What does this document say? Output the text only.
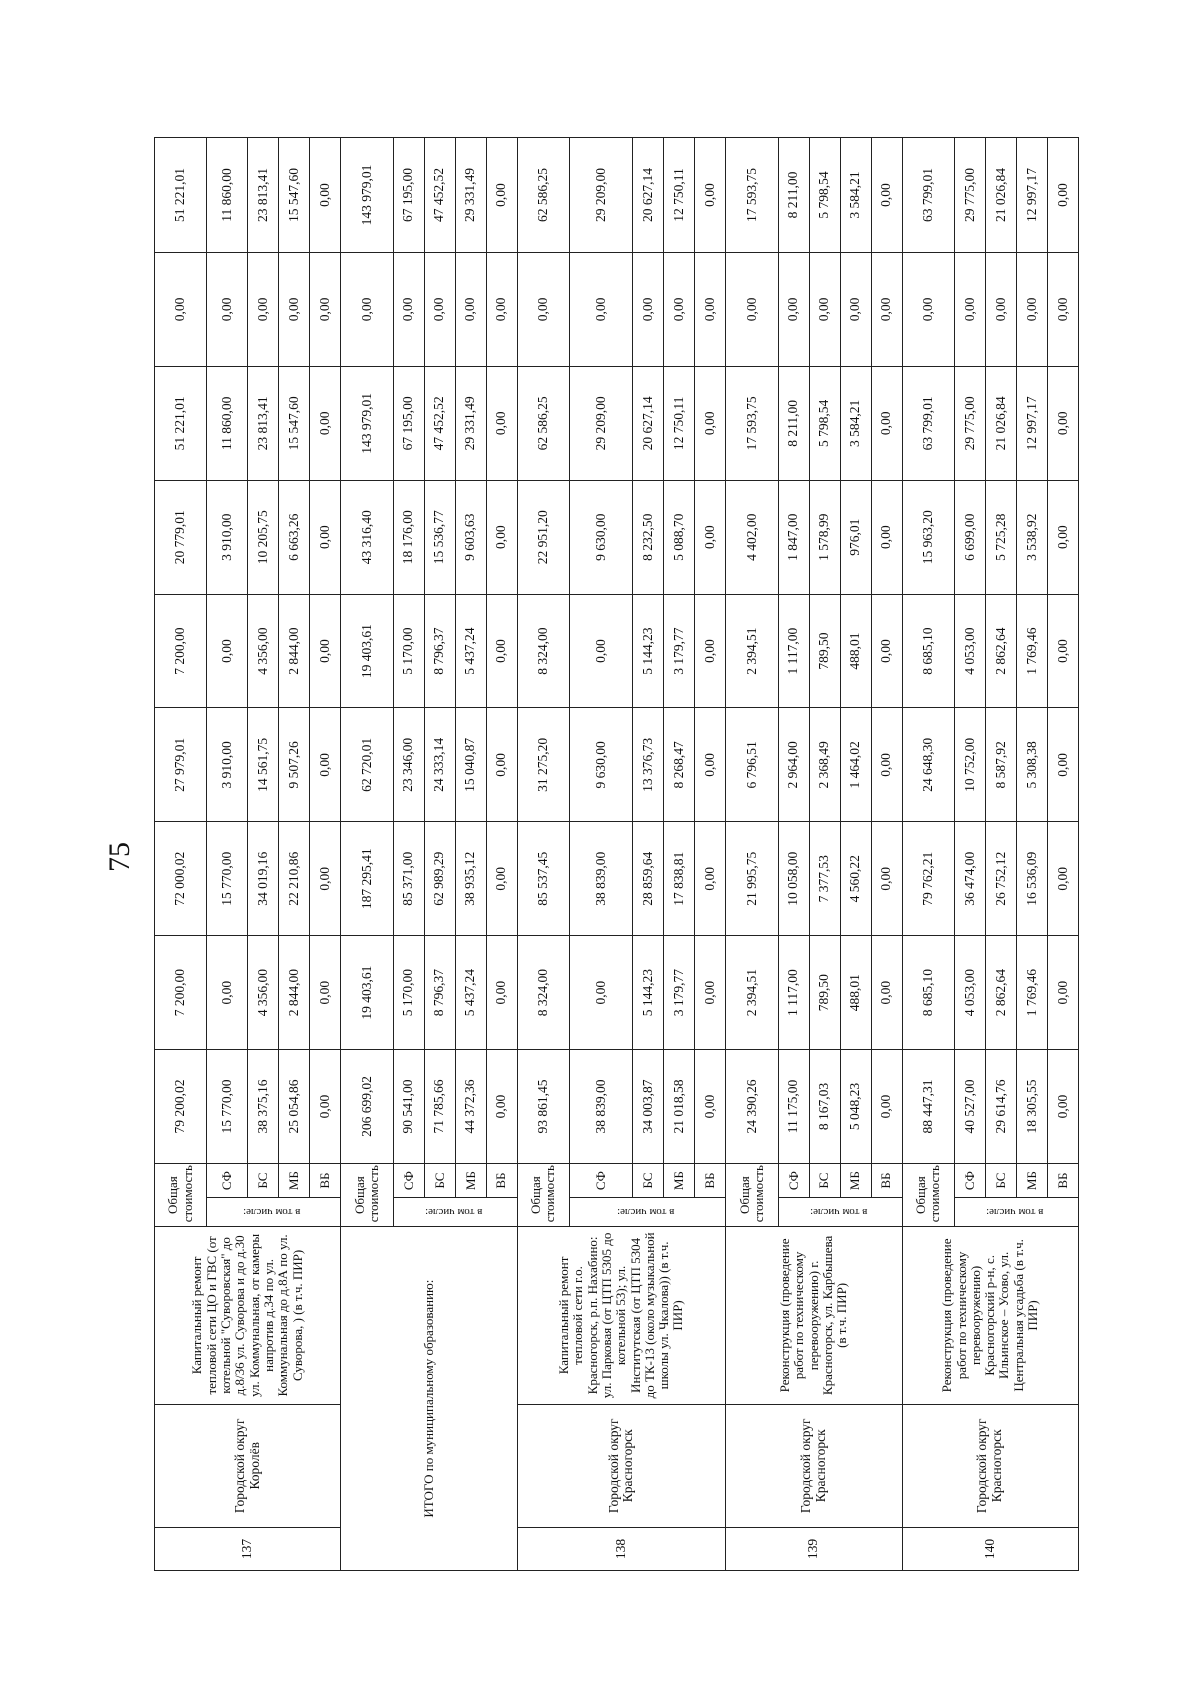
75
137	Городской округ Королёв	Капитальный ремонт тепловой сети ЦО и ГВС (от котельной "Суворовская" до д.8/36 ул. Суворова и до д.30 ул. Коммунальная, от камеры напротив д.34 по ул. Коммунальная до д.8А по ул. Суворова, ) (в т.ч. ПИР)	Общая стоимость		79 200,02	7 200,00	72 000,02	27 979,01	7 200,00	20 779,01	51 221,01	0,00	51 221,01
			в том числе:	СФ	15 770,00	0,00	15 770,00	3 910,00	0,00	3 910,00	11 860,00	0,00	11 860,00
				БС	38 375,16	4 356,00	34 019,16	14 561,75	4 356,00	10 205,75	23 813,41	0,00	23 813,41
				МБ	25 054,86	2 844,00	22 210,86	9 507,26	2 844,00	6 663,26	15 547,60	0,00	15 547,60
				ВБ	0,00	0,00	0,00	0,00	0,00	0,00	0,00	0,00	0,00
ИТОГО по муниципальному образованию:			Общая стоимость		206 699,02	19 403,61	187 295,41	62 720,01	19 403,61	43 316,40	143 979,01	0,00	143 979,01
			в том числе:	СФ	90 541,00	5 170,00	85 371,00	23 346,00	5 170,00	18 176,00	67 195,00	0,00	67 195,00
				БС	71 785,66	8 796,37	62 989,29	24 333,14	8 796,37	15 536,77	47 452,52	0,00	47 452,52
				МБ	44 372,36	5 437,24	38 935,12	15 040,87	5 437,24	9 603,63	29 331,49	0,00	29 331,49
				ВБ	0,00	0,00	0,00	0,00	0,00	0,00	0,00	0,00	0,00
138	Городской округ Красногорск	Капитальный ремонт тепловой сети г.о. Красногорск, р.п. Нахабино: ул. Парковая (от ЦТП 5305 до котельной 53); ул. Институтская (от ЦТП 5304 до ТК-13 (около музыкальной школы ул. Чкалова)) (в т.ч. ПИР)	Общая стоимость		93 861,45	8 324,00	85 537,45	31 275,20	8 324,00	22 951,20	62 586,25	0,00	62 586,25
			в том числе:	СФ	38 839,00	0,00	38 839,00	9 630,00	0,00	9 630,00	29 209,00	0,00	29 209,00
				БС	34 003,87	5 144,23	28 859,64	13 376,73	5 144,23	8 232,50	20 627,14	0,00	20 627,14
				МБ	21 018,58	3 179,77	17 838,81	8 268,47	3 179,77	5 088,70	12 750,11	0,00	12 750,11
				ВБ	0,00	0,00	0,00	0,00	0,00	0,00	0,00	0,00	0,00
139	Городской округ Красногорск	Реконструкция (проведение работ по техническому перевооружению) г. Красногорск, ул. Карбышева (в т.ч. ПИР)	Общая стоимость		24 390,26	2 394,51	21 995,75	6 796,51	2 394,51	4 402,00	17 593,75	0,00	17 593,75
			в том числе:	СФ	11 175,00	1 117,00	10 058,00	2 964,00	1 117,00	1 847,00	8 211,00	0,00	8 211,00
				БС	8 167,03	789,50	7 377,53	2 368,49	789,50	1 578,99	5 798,54	0,00	5 798,54
				МБ	5 048,23	488,01	4 560,22	1 464,02	488,01	976,01	3 584,21	0,00	3 584,21
				ВБ	0,00	0,00	0,00	0,00	0,00	0,00	0,00	0,00	0,00
140	Городской округ Красногорск	Реконструкция (проведение работ по техническому перевооружению) Красногорский р-н, с. Ильинское – Усово, ул. Центральная усадьба (в т.ч. ПИР)	Общая стоимость		88 447,31	8 685,10	79 762,21	24 648,30	8 685,10	15 963,20	63 799,01	0,00	63 799,01
			в том числе:	СФ	40 527,00	4 053,00	36 474,00	10 752,00	4 053,00	6 699,00	29 775,00	0,00	29 775,00
				БС	29 614,76	2 862,64	26 752,12	8 587,92	2 862,64	5 725,28	21 026,84	0,00	21 026,84
				МБ	18 305,55	1 769,46	16 536,09	5 308,38	1 769,46	3 538,92	12 997,17	0,00	12 997,17
				ВБ	0,00	0,00	0,00	0,00	0,00	0,00	0,00	0,00	0,00
